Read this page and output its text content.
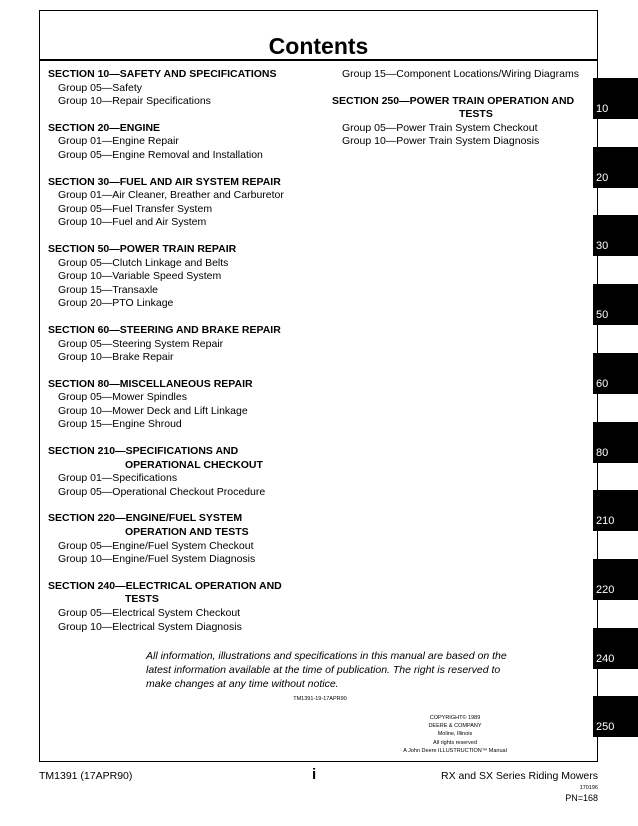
Contents
SECTION 10—SAFETY AND SPECIFICATIONS
Group 05—Safety
Group 10—Repair Specifications
SECTION 20—ENGINE
Group 01—Engine Repair
Group 05—Engine Removal and Installation
SECTION 30—FUEL AND AIR SYSTEM REPAIR
Group 01—Air Cleaner, Breather and Carburetor
Group 05—Fuel Transfer System
Group 10—Fuel and Air System
SECTION 50—POWER TRAIN REPAIR
Group 05—Clutch Linkage and Belts
Group 10—Variable Speed System
Group 15—Transaxle
Group 20—PTO Linkage
SECTION 60—STEERING AND BRAKE REPAIR
Group 05—Steering System Repair
Group 10—Brake Repair
SECTION 80—MISCELLANEOUS REPAIR
Group 05—Mower Spindles
Group 10—Mower Deck and Lift Linkage
Group 15—Engine Shroud
SECTION 210—SPECIFICATIONS AND
OPERATIONAL CHECKOUT
Group 01—Specifications
Group 05—Operational Checkout Procedure
SECTION 220—ENGINE/FUEL SYSTEM
OPERATION AND TESTS
Group 05—Engine/Fuel System Checkout
Group 10—Engine/Fuel System Diagnosis
SECTION 240—ELECTRICAL OPERATION AND
TESTS
Group 05—Electrical System Checkout
Group 10—Electrical System Diagnosis
Group 15—Component Locations/Wiring Diagrams
SECTION 250—POWER TRAIN OPERATION AND
TESTS
Group 05—Power Train System Checkout
Group 10—Power Train System Diagnosis
All information, illustrations and specifications in this manual are based on the latest information available at the time of publication. The right is reserved to make changes at any time without notice.
TM1391-19-17APR90
COPYRIGHT© 1989
DEERE & COMPANY
Moline, Illinois
All rights reserved
A John Deere ILLUSTRUCTION™ Manual
10
20
30
50
60
80
210
220
240
250
TM1391 (17APR90)	i	RX and SX Series Riding Mowers
170196
PN=168
